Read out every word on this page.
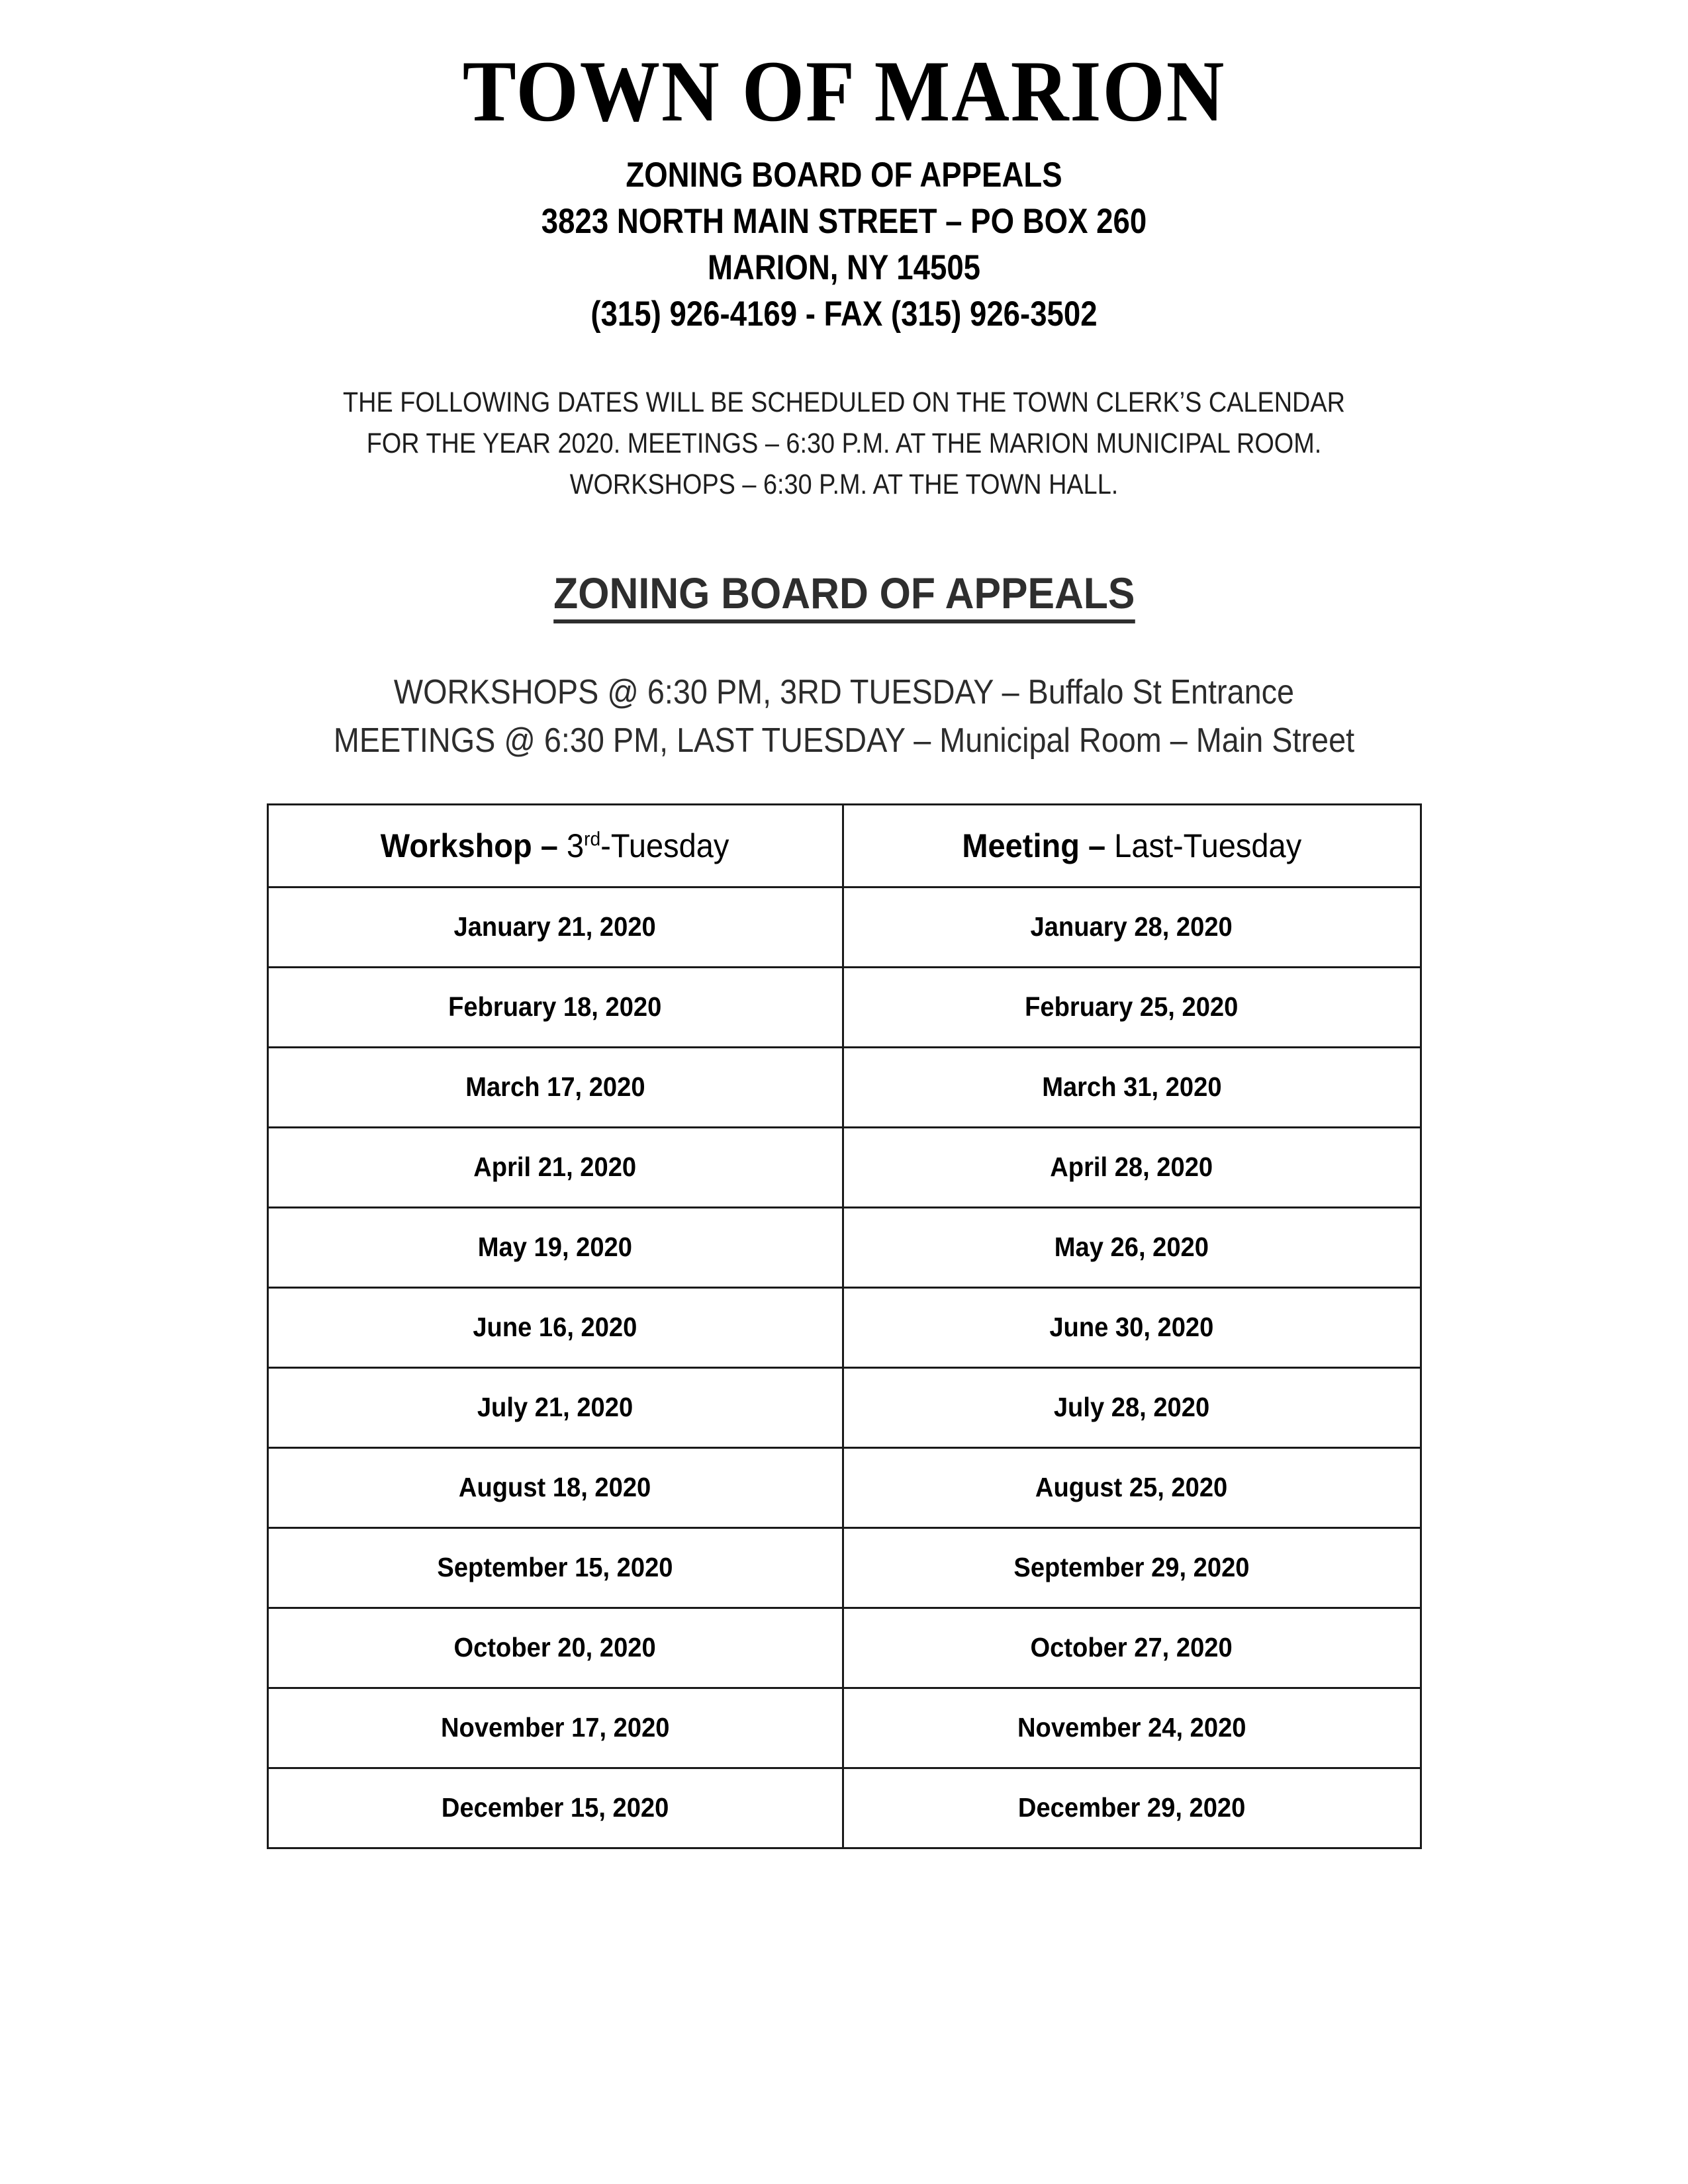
TOWN OF MARION
ZONING BOARD OF APPEALS
3823 NORTH MAIN STREET – PO BOX 260
MARION, NY 14505
(315) 926-4169 - FAX (315) 926-3502
THE FOLLOWING DATES WILL BE SCHEDULED ON THE TOWN CLERK’S CALENDAR
FOR THE YEAR 2020. MEETINGS – 6:30 P.M. AT THE MARION MUNICIPAL ROOM.
WORKSHOPS – 6:30 P.M. AT THE TOWN HALL.
ZONING BOARD OF APPEALS
WORKSHOPS @ 6:30 PM, 3RD TUESDAY – Buffalo St Entrance
MEETINGS @ 6:30 PM, LAST TUESDAY – Municipal Room – Main Street
Workshop – 3rd-Tuesday	Meeting – Last-Tuesday
January 21, 2020	January 28, 2020
February 18, 2020	February 25, 2020
March 17, 2020	March 31, 2020
April 21, 2020	April 28, 2020
May 19, 2020	May 26, 2020
June 16, 2020	June 30, 2020
July 21, 2020	July 28, 2020
August 18, 2020	August 25, 2020
September 15, 2020	September 29, 2020
October 20, 2020	October 27, 2020
November 17, 2020	November 24, 2020
December 15, 2020	December 29, 2020
